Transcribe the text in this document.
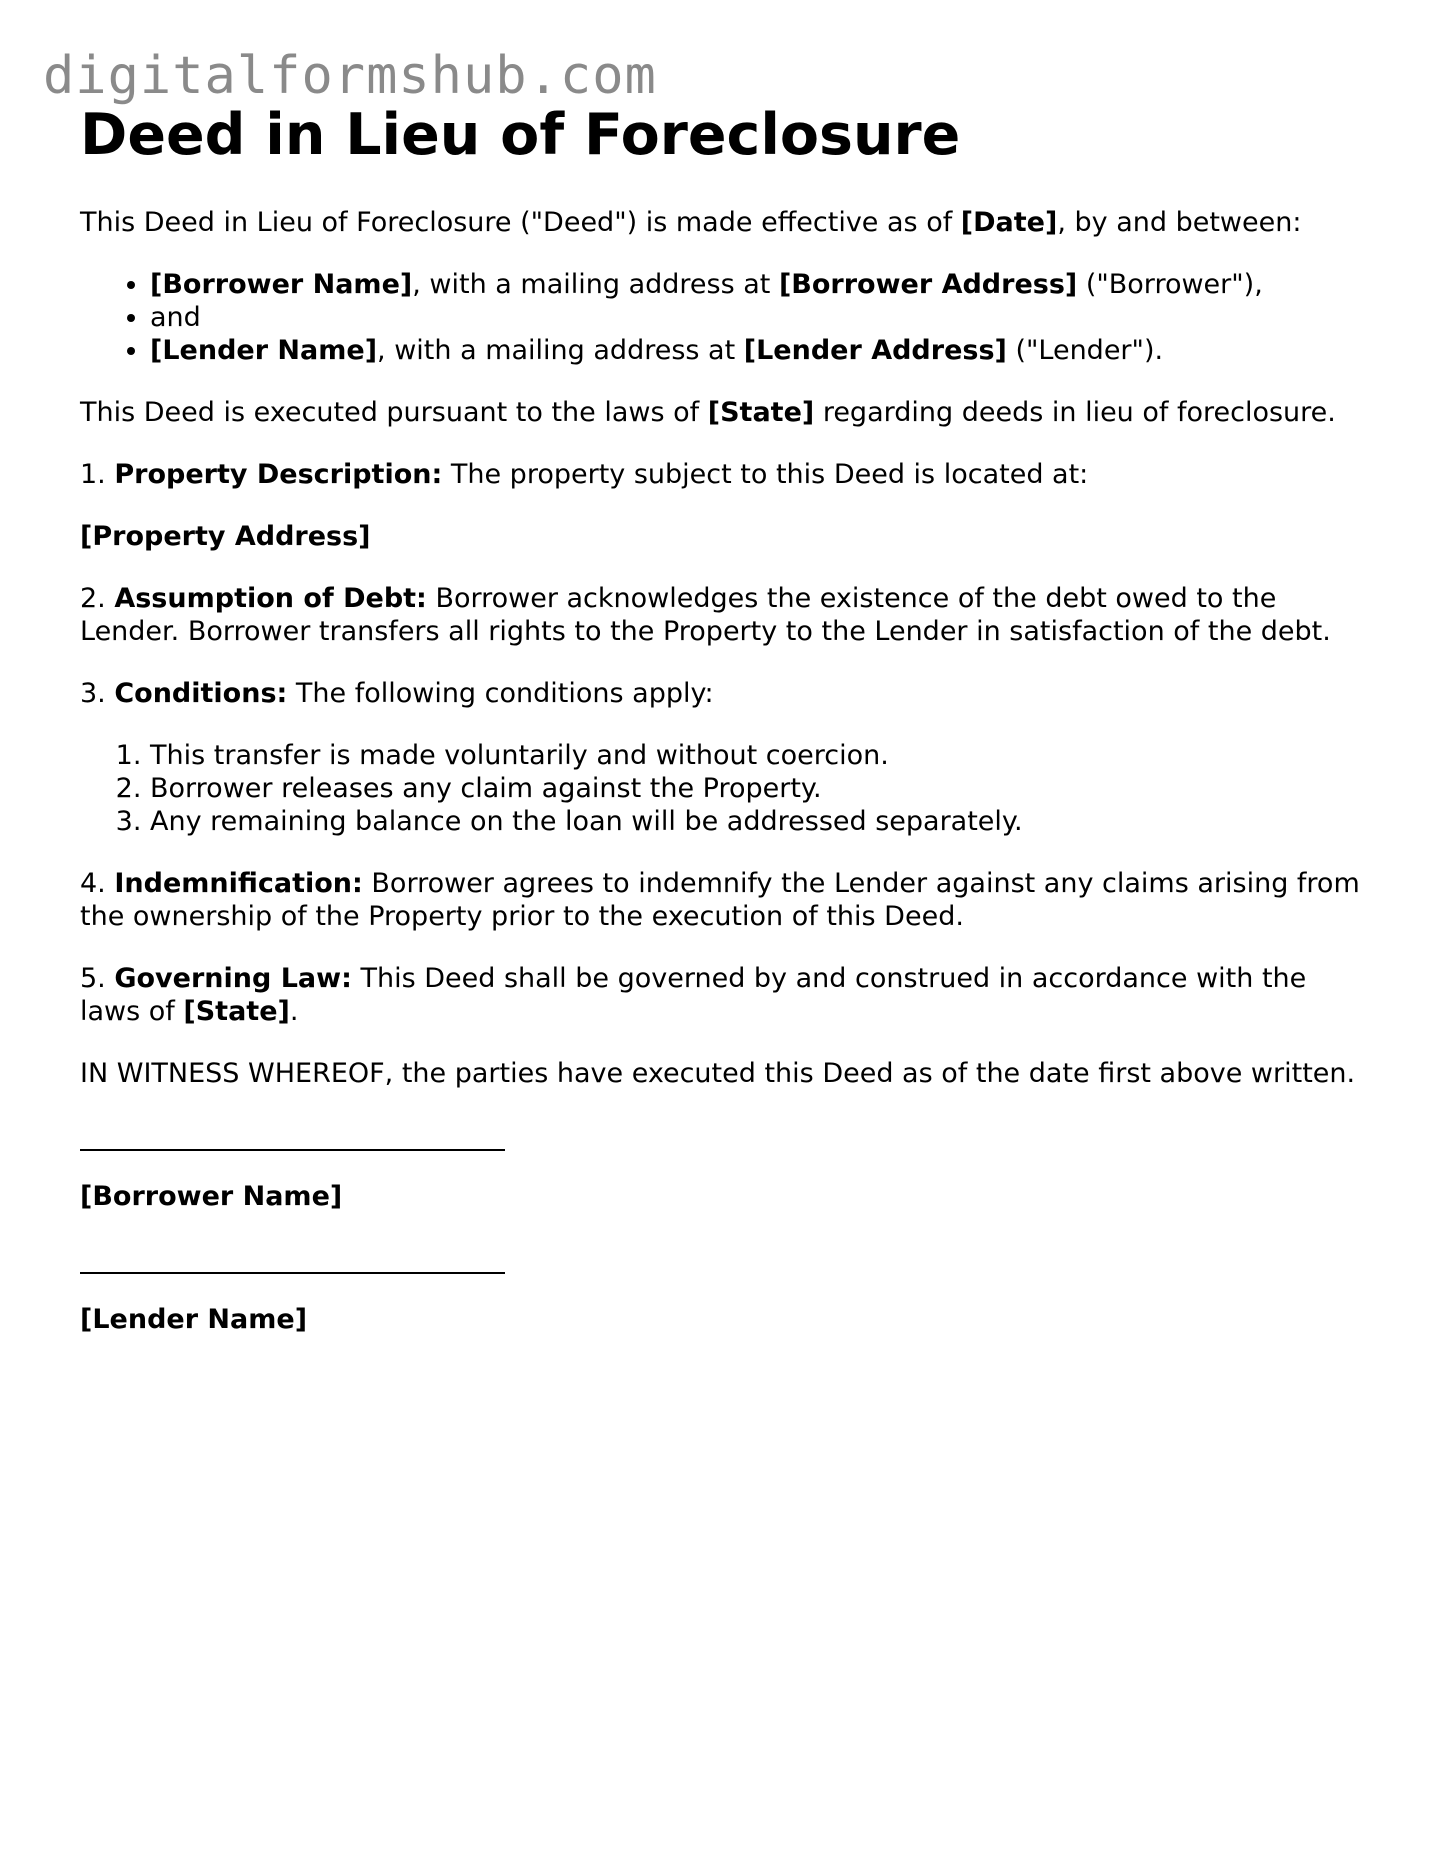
digitalformshub.com
Deed in Lieu of Foreclosure

This Deed in Lieu of Foreclosure ("Deed") is made effective as of [Date], by and between:

• [Borrower Name], with a mailing address at [Borrower Address] ("Borrower"),
• and
• [Lender Name], with a mailing address at [Lender Address] ("Lender").

This Deed is executed pursuant to the laws of [State] regarding deeds in lieu of foreclosure.

1. Property Description: The property subject to this Deed is located at:

[Property Address]

2. Assumption of Debt: Borrower acknowledges the existence of the debt owed to the Lender. Borrower transfers all rights to the Property to the Lender in satisfaction of the debt.

3. Conditions: The following conditions apply:

1. This transfer is made voluntarily and without coercion.
2. Borrower releases any claim against the Property.
3. Any remaining balance on the loan will be addressed separately.

4. Indemnification: Borrower agrees to indemnify the Lender against any claims arising from the ownership of the Property prior to the execution of this Deed.

5. Governing Law: This Deed shall be governed by and construed in accordance with the laws of [State].

IN WITNESS WHEREOF, the parties have executed this Deed as of the date first above written.

[Borrower Name]

[Lender Name]
